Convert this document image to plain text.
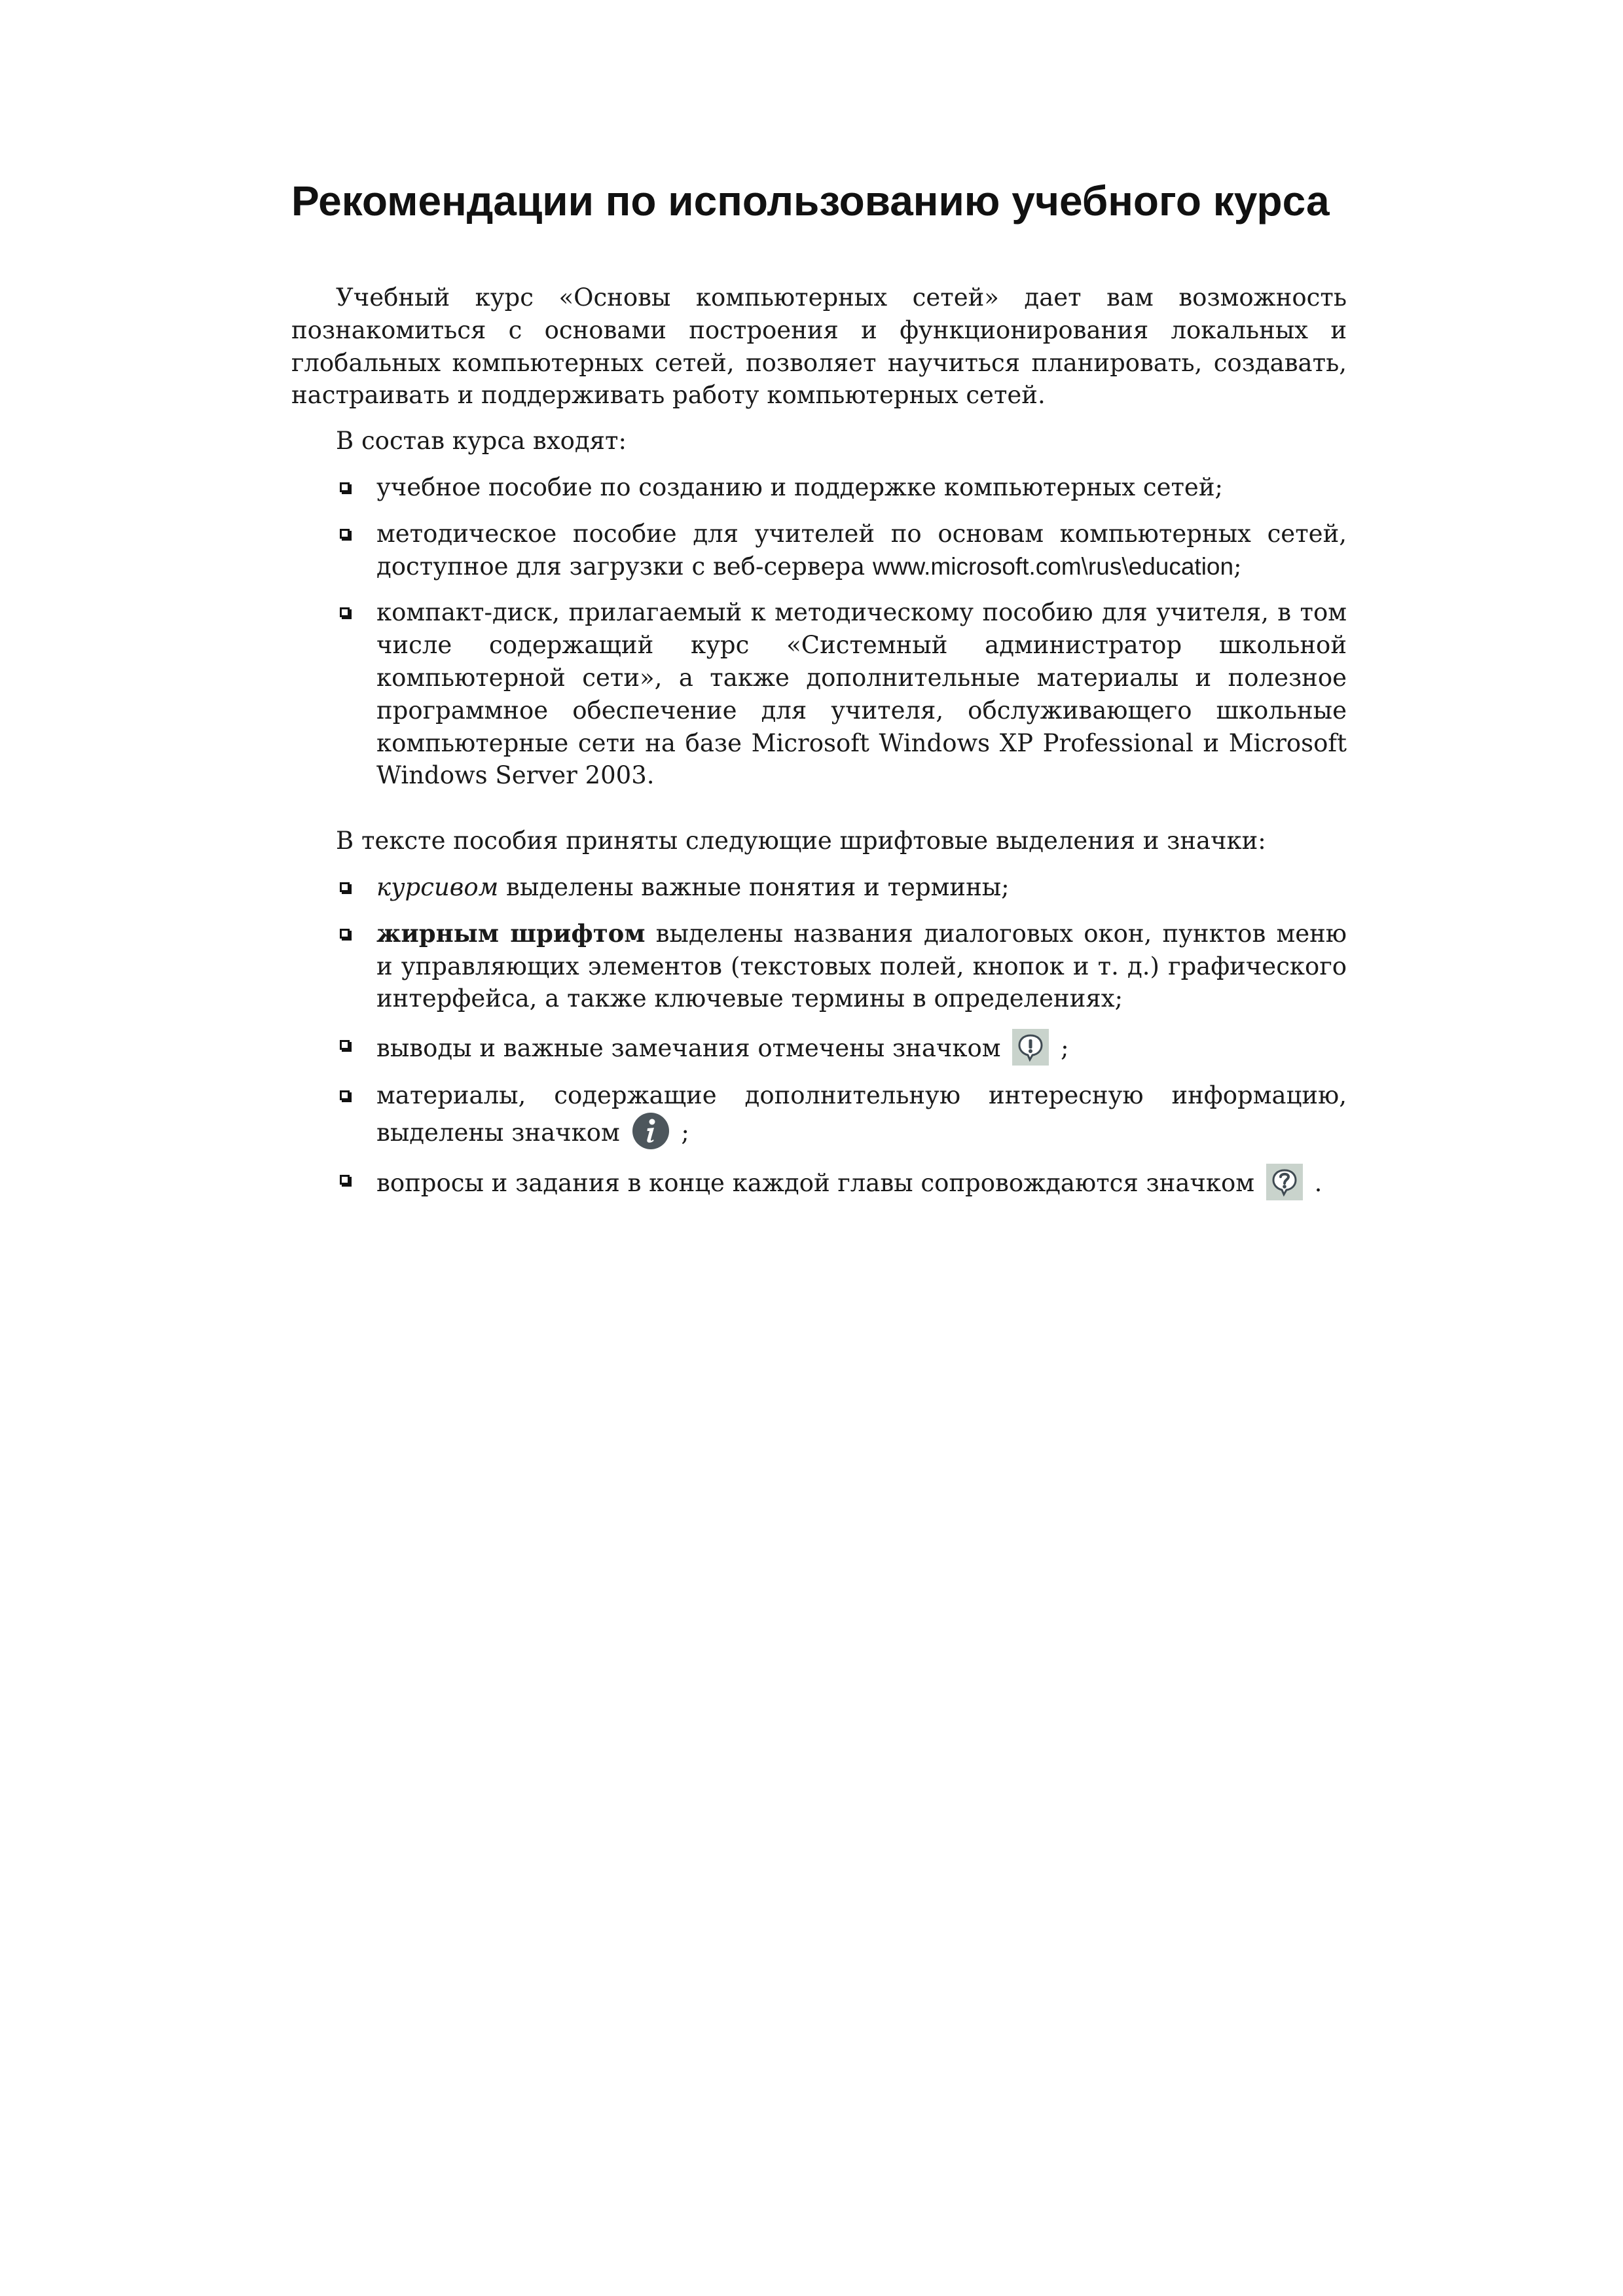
Рекомендации по использованию учебного курса

Учебный курс «Основы компьютерных сетей» дает вам возможность познакомиться с основами построения и функционирования локальных и глобальных компьютерных сетей, позволяет научиться планировать, создавать, настраивать и поддерживать работу компьютерных сетей.

В состав курса входят:

учебное пособие по созданию и поддержке компьютерных сетей;
методическое пособие для учителей по основам компьютерных сетей, доступное для загрузки с веб-сервера www.microsoft.com\rus\education;
компакт-диск, прилагаемый к методическому пособию для учителя, в том числе содержащий курс «Системный администратор школьной компьютерной сети», а также дополнительные материалы и полезное программное обеспечение для учителя, обслуживающего школьные компьютерные сети на базе Microsoft Windows XP Professional и Microsoft Windows Server 2003.

В тексте пособия приняты следующие шрифтовые выделения и значки:

курсивом выделены важные понятия и термины;
жирным шрифтом выделены названия диалоговых окон, пунктов меню и управляющих элементов (текстовых полей, кнопок и т. д.) графического интерфейса, а также ключевые термины в определениях;
выводы и важные замечания отмечены значком ;
материалы, содержащие дополнительную интересную информацию, выделены значком	;
вопросы и задания в конце каждой главы сопровождаются значком .
